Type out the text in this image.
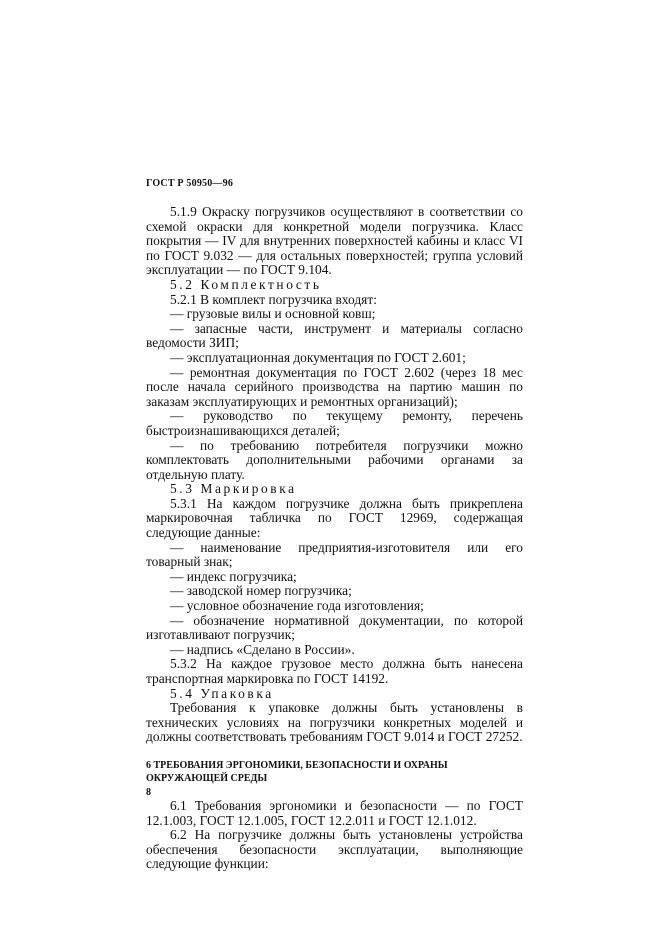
ГОСТ Р 50950—96

5.1.9 Окраску погрузчиков осуществляют в соответствии со схемой окраски для конкретной модели погрузчика. Класс покрытия — IV для внутренних поверхностей кабины и класс VI по ГОСТ 9.032 — для остальных поверхностей; группа условий эксплуатации — по ГОСТ 9.104.

5.2 Комплектность

5.2.1 В комплект погрузчика входят:

— грузовые вилы и основной ковш;

— запасные части, инструмент и материалы согласно ведомости ЗИП;

— эксплуатационная документация по ГОСТ 2.601;

— ремонтная документация по ГОСТ 2.602 (через 18 мес после начала серийного производства на партию машин по заказам эксплуатирующих и ремонтных организаций);

— руководство по текущему ремонту, перечень быстроизнашивающихся деталей;

— по требованию потребителя погрузчики можно комплектовать дополнительными рабочими органами за отдельную плату.

5.3 Маркировка

5.3.1 На каждом погрузчике должна быть прикреплена маркировочная табличка по ГОСТ 12969, содержащая следующие данные:

— наименование предприятия-изготовителя или его товарный знак;

— индекс погрузчика;

— заводской номер погрузчика;

— условное обозначение года изготовления;

— обозначение нормативной документации, по которой изготавливают погрузчик;

— надпись «Сделано в России».

5.3.2 На каждое грузовое место должна быть нанесена транспортная маркировка по ГОСТ 14192.

5.4 Упаковка

Требования к упаковке должны быть установлены в технических условиях на погрузчики конкретных моделей и должны соответствовать требованиям ГОСТ 9.014 и ГОСТ 27252.

6 ТРЕБОВАНИЯ ЭРГОНОМИКИ, БЕЗОПАСНОСТИ И ОХРАНЫ ОКРУЖАЮЩЕЙ СРЕДЫ

6.1 Требования эргономики и безопасности — по ГОСТ 12.1.003, ГОСТ 12.1.005, ГОСТ 12.2.011 и ГОСТ 12.1.012.

6.2 На погрузчике должны быть установлены устройства обеспечения безопасности эксплуатации, выполняющие следующие функции:

8
